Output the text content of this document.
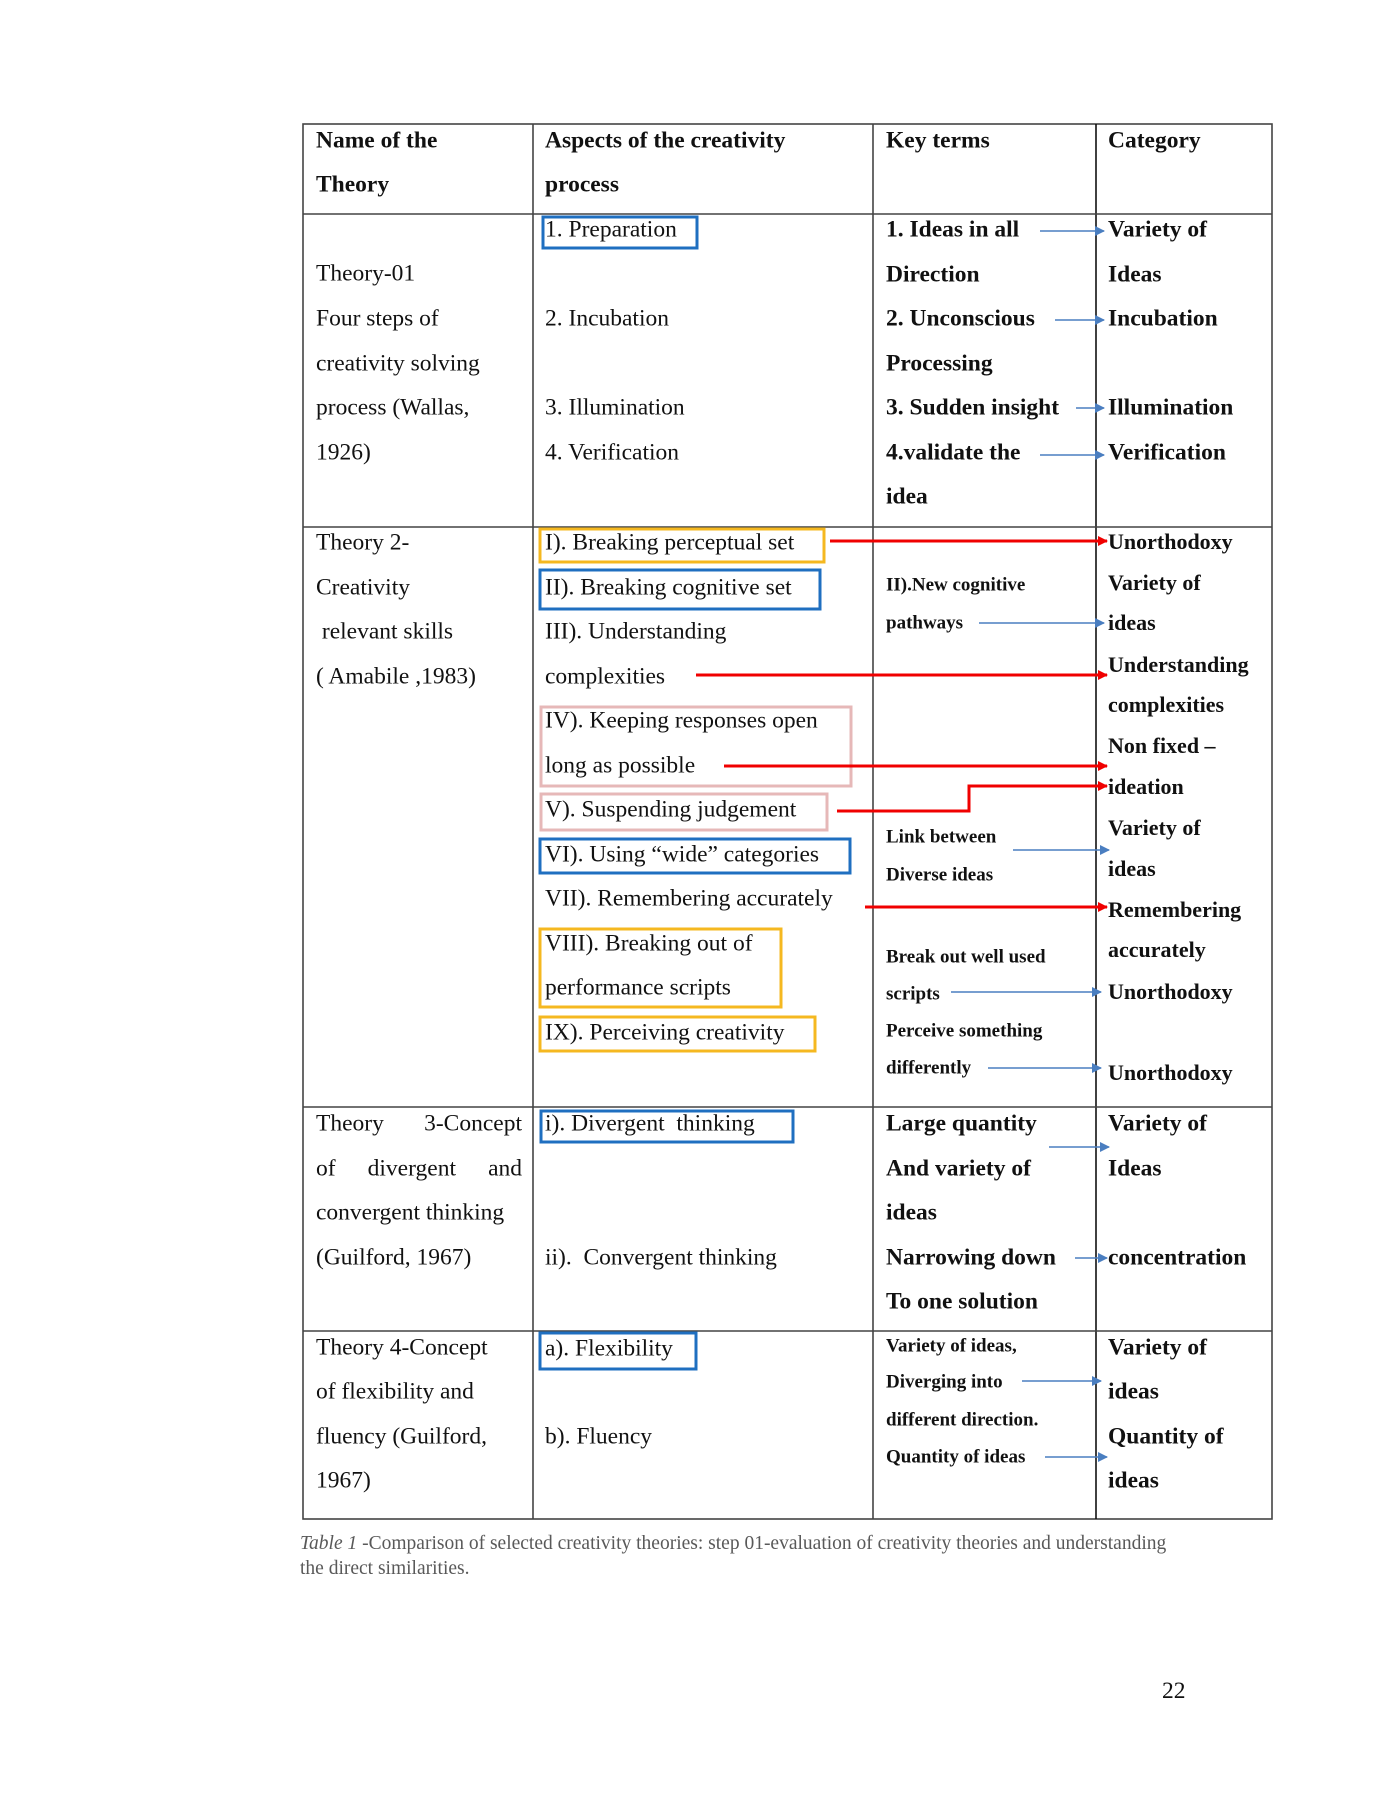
Name of the
Theory
Aspects of the creativity
process
Key terms	Category
Theory-01
Four steps of
creativity solving
process (Wallas,
1926)
1. Preparation
2. Incubation
3. Illumination
4. Verification
1. Ideas in all
Direction
2. Unconscious
Processing
3. Sudden insight
4.validate the
idea
Variety of
Ideas
Incubation
Illumination
Verification
Theory 2-
Creativity
relevant skills
( Amabile ,1983)
I). Breaking perceptual set
II). Breaking cognitive set
III). Understanding
complexities
IV). Keeping responses open
long as possible
V). Suspending judgement
VI). Using “wide” categories
VII). Remembering accurately
VIII). Breaking out of
performance scripts
IX). Perceiving creativity
II).New cognitive
pathways
Link between
Diverse ideas
Break out well used
scripts
Perceive something
differently
Unorthodoxy
Variety of
ideas
Understanding
complexities
Non fixed –
ideation
Variety of
ideas
Remembering
accurately
Unorthodoxy
Unorthodoxy
Theory 3-Concept
of divergent and
convergent thinking
(Guilford, 1967)
i). Divergent  thinking
ii).  Convergent thinking
Large quantity
And variety of
ideas
Narrowing down
To one solution
Variety of
Ideas
concentration
Theory 4-Concept
of flexibility and
fluency (Guilford,
1967)
a). Flexibility
b). Fluency
Variety of ideas,
Diverging into
different direction.
Quantity of ideas
Variety of
ideas
Quantity of
ideas
Table 1 -Comparison of selected creativity theories: step 01-evaluation of creativity theories and understanding
the direct similarities.
22
